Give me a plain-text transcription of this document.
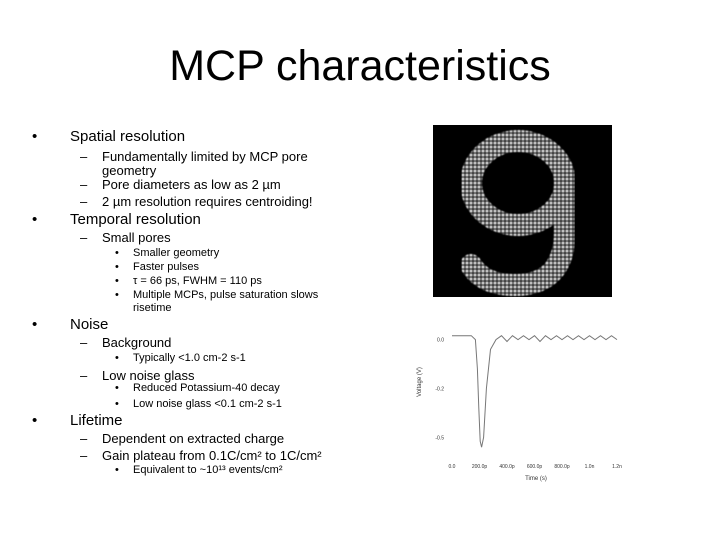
MCP characteristics
• Spatial resolution
– Fundamentally limited by MCP pore
geometry
– Pore diameters as low as 2 µm
– 2 µm resolution requires centroiding!
• Temporal resolution
– Small pores
• Smaller geometry
• Faster pulses
• τ = 66 ps, FWHM = 110 ps
• Multiple MCPs, pulse saturation slows
risetime
• Noise
– Background
• Typically <1.0 cm-2 s-1
– Low noise glass
• Reduced Potassium-40 decay
• Low noise glass <0.1 cm-2 s-1
• Lifetime
– Dependent on extracted charge
– Gain plateau from 0.1C/cm² to 1C/cm²
• Equivalent to ~10¹³ events/cm²
Voltage (V)
Time (s)
0.0
-0.2
-0.5
0.0	200.0p 400.0p 600.0p 800.0p	1.0n	1.2n
